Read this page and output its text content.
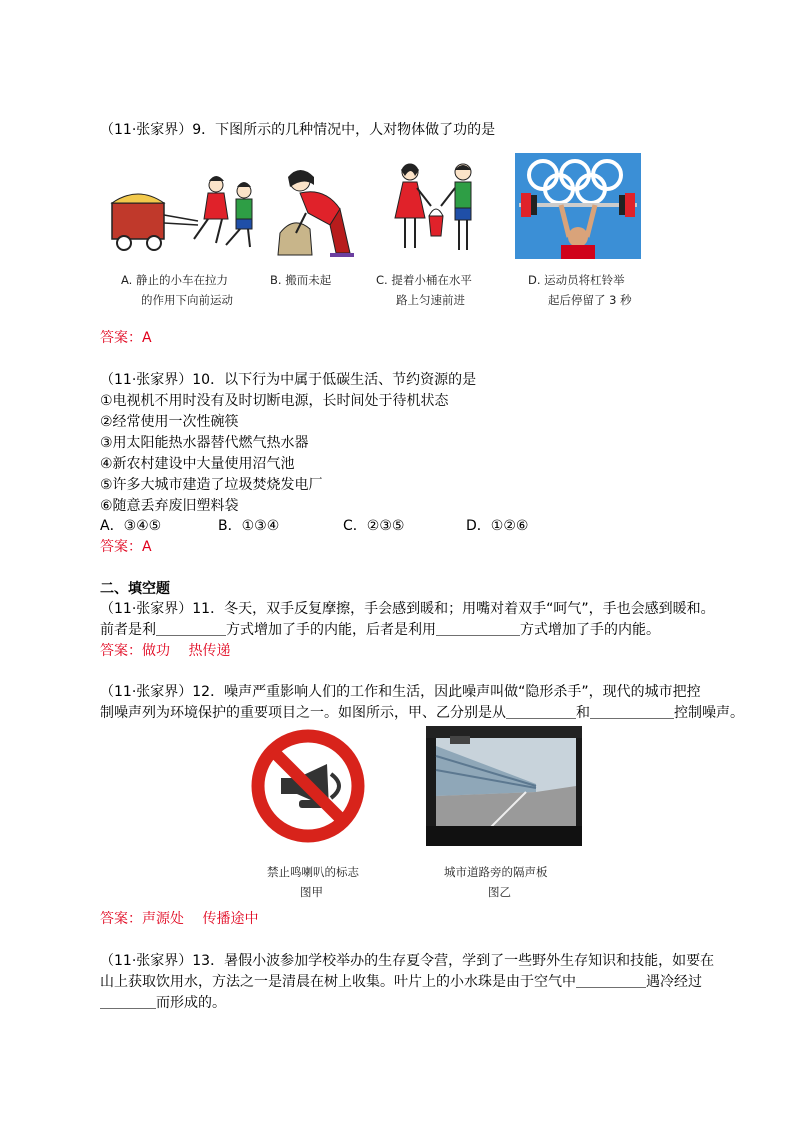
（11·张家界）9．下图所示的几种情况中，人对物体做了功的是
A. 静止的小车在拉力
的作用下向前运动
B. 搬而未起	C. 提着小桶在水平
路上匀速前进
D. 运动员将杠铃举
起后停留了 3 秒
答案：A
（11·张家界）10．以下行为中属于低碳生活、节约资源的是
①电视机不用时没有及时切断电源，长时间处于待机状态
②经常使用一次性碗筷
③用太阳能热水器替代燃气热水器
④新农村建设中大量使用沼气池
⑤许多大城市建造了垃圾焚烧发电厂
⑥随意丢弃废旧塑料袋
A．③④⑤	B．①③④	C．②③⑤	D．①②⑥
答案：A
二、填空题
（11·张家界）11．冬天，双手反复摩擦，手会感到暖和；用嘴对着双手“呵气”，手也会感到暖和。
前者是利＿＿＿＿＿方式增加了手的内能，后者是利用＿＿＿＿＿＿方式增加了手的内能。
答案：做功　 热传递
（11·张家界）12．噪声严重影响人们的工作和生活，因此噪声叫做“隐形杀手”，现代的城市把控
制噪声列为环境保护的重要项目之一。如图所示，甲、乙分别是从＿＿＿＿＿和＿＿＿＿＿＿控制噪声。
禁止鸣喇叭的标志
图甲
城市道路旁的隔声板
图乙
答案：声源处　 传播途中
（11·张家界）13．暑假小波参加学校举办的生存夏令营，学到了一些野外生存知识和技能，如要在
山上获取饮用水，方法之一是清晨在树上收集。叶片上的小水珠是由于空气中＿＿＿＿＿遇冷经过
＿＿＿＿而形成的。
